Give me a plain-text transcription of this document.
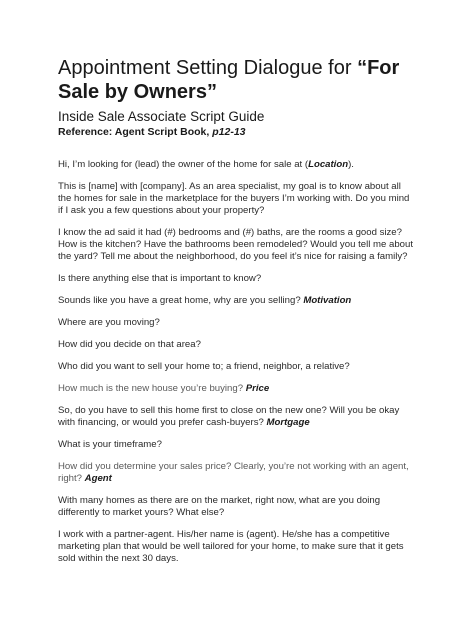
Appointment Setting Dialogue for “For Sale by Owners”
Inside Sale Associate Script Guide
Reference: Agent Script Book, p12-13

Hi, I’m looking for (lead) the owner of the home for sale at (Location).

This is [name] with [company]. As an area specialist, my goal is to know about all the homes for sale in the marketplace for the buyers I’m working with. Do you mind if I ask you a few questions about your property?

I know the ad said it had (#) bedrooms and (#) baths, are the rooms a good size? How is the kitchen? Have the bathrooms been remodeled? Would you tell me about the yard? Tell me about the neighborhood, do you feel it’s nice for raising a family?

Is there anything else that is important to know?

Sounds like you have a great home, why are you selling? Motivation

Where are you moving?

How did you decide on that area?

Who did you want to sell your home to; a friend, neighbor, a relative?

How much is the new house you’re buying? Price

So, do you have to sell this home first to close on the new one? Will you be okay with financing, or would you prefer cash-buyers? Mortgage

What is your timeframe?

How did you determine your sales price? Clearly, you’re not working with an agent, right? Agent

With many homes as there are on the market, right now, what are you doing differently to market yours? What else?

I work with a partner-agent. His/her name is (agent). He/she has a competitive marketing plan that would be well tailored for your home, to make sure that it gets sold within the next 30 days.
